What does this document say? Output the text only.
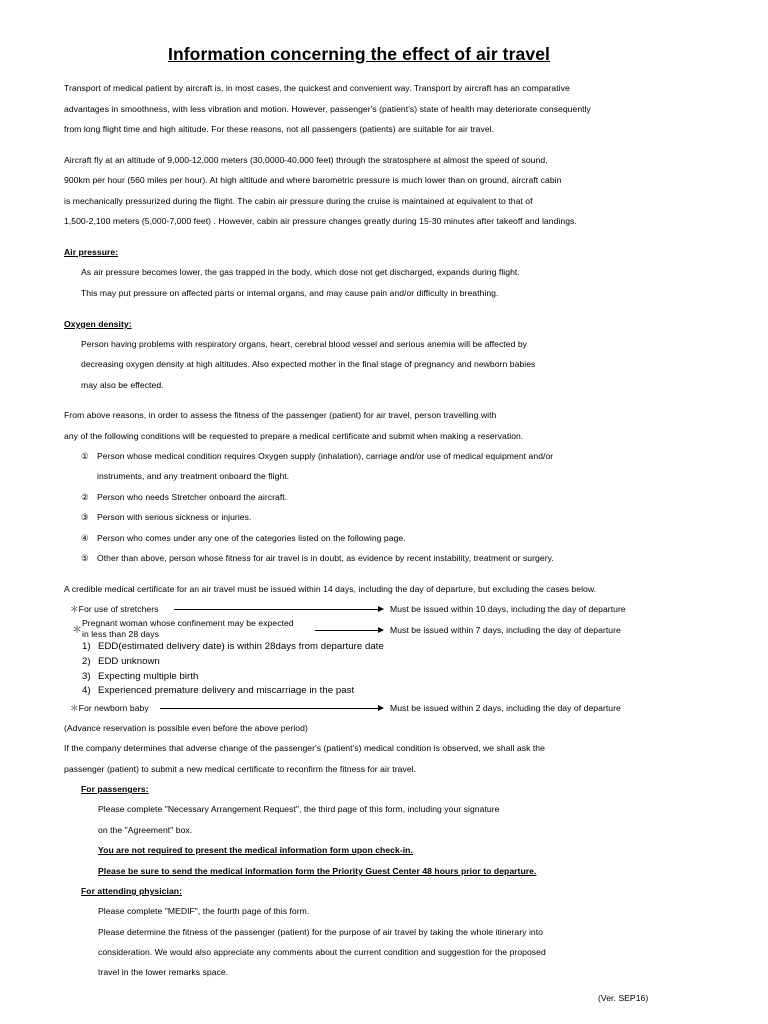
Information concerning the effect of air travel
Transport of medical patient by aircraft is, in most cases, the quickest and convenient way. Transport by aircraft has an comparative
advantages in smoothness, with less vibration and motion. However, passenger's (patient's) state of health may deteriorate consequently
from long flight time and high altitude. For these reasons, not all passengers (patients) are suitable for air travel.
Aircraft fly at an altitude of 9,000-12,000 meters (30,0000-40,000 feet) through the stratosphere at almost the speed of sound,
900km per hour (560 miles per hour). At high altitude and where barometric pressure is much lower than on ground, aircraft cabin
is mechanically pressurized during the flight. The cabin air pressure during the cruise is maintained at equivalent to that of
1,500-2,100 meters (5,000-7,000 feet) . However, cabin air pressure changes greatly during 15-30 minutes after takeoff and landings.
Air pressure:
As air pressure becomes lower, the gas trapped in the body, which dose not get discharged, expands during flight.
This may put pressure on affected parts or internal organs, and may cause pain and/or difficulty in breathing.
Oxygen density:
Person having problems with respiratory organs, heart, cerebral blood vessel and serious anemia will be affected by
decreasing oxygen density at high altitudes. Also expected mother in the final stage of pregnancy and newborn babies
may also be effected.
From above reasons, in order to assess the fitness of the passenger (patient) for air travel, person travelling with
any of the following conditions will be requested to prepare a medical certificate and submit when making a reservation.
① Person whose medical condition requires Oxygen supply (inhalation), carriage and/or use of medical equipment and/or
instruments, and any treatment onboard the flight.
② Person who needs Stretcher onboard the aircraft.
③ Person with serious sickness or injuries.
④ Person who comes under any one of the categories listed on the following page.
⑤ Other than above, person whose fitness for air travel is in doubt, as evidence by recent instability, treatment or surgery.
A credible medical certificate for an air travel must be issued within 14 days, including the day of departure, but excluding the cases below.
＊For use of stretchers	Must be issued within 10 days, including the day of departure
＊
Pregnant woman whose confinement may be expected
in less than 28 days	Must be issued within 7 days, including the day of departure
1) EDD(estimated delivery date) is within 28days from departure date
2) EDD unknown
3) Expecting multiple birth
4) Experienced premature delivery and miscarriage in the past
＊For newborn baby	Must be issued within 2 days, including the day of departure
(Advance reservation is possible even before the above period)
If the company determines that adverse change of the passenger's (patient's) medical condition is observed, we shall ask the
passenger (patient) to submit a new medical certificate to reconfirm the fitness for air travel.
For passengers:
Please complete "Necessary Arrangement Request", the third page of this form, including your signature
on the "Agreement" box.
You are not required to present the medical information form upon check-in.
Please be sure to send the medical information form the Priority Guest Center 48 hours prior to departure.
For attending physician:
Please complete "MEDIF", the fourth page of this form.
Please determine the fitness of the passenger (patient) for the purpose of air travel by taking the whole itinerary into
consideration. We would also appreciate any comments about the current condition and suggestion for the proposed
travel in the lower remarks space.
(Ver. SEP16)
